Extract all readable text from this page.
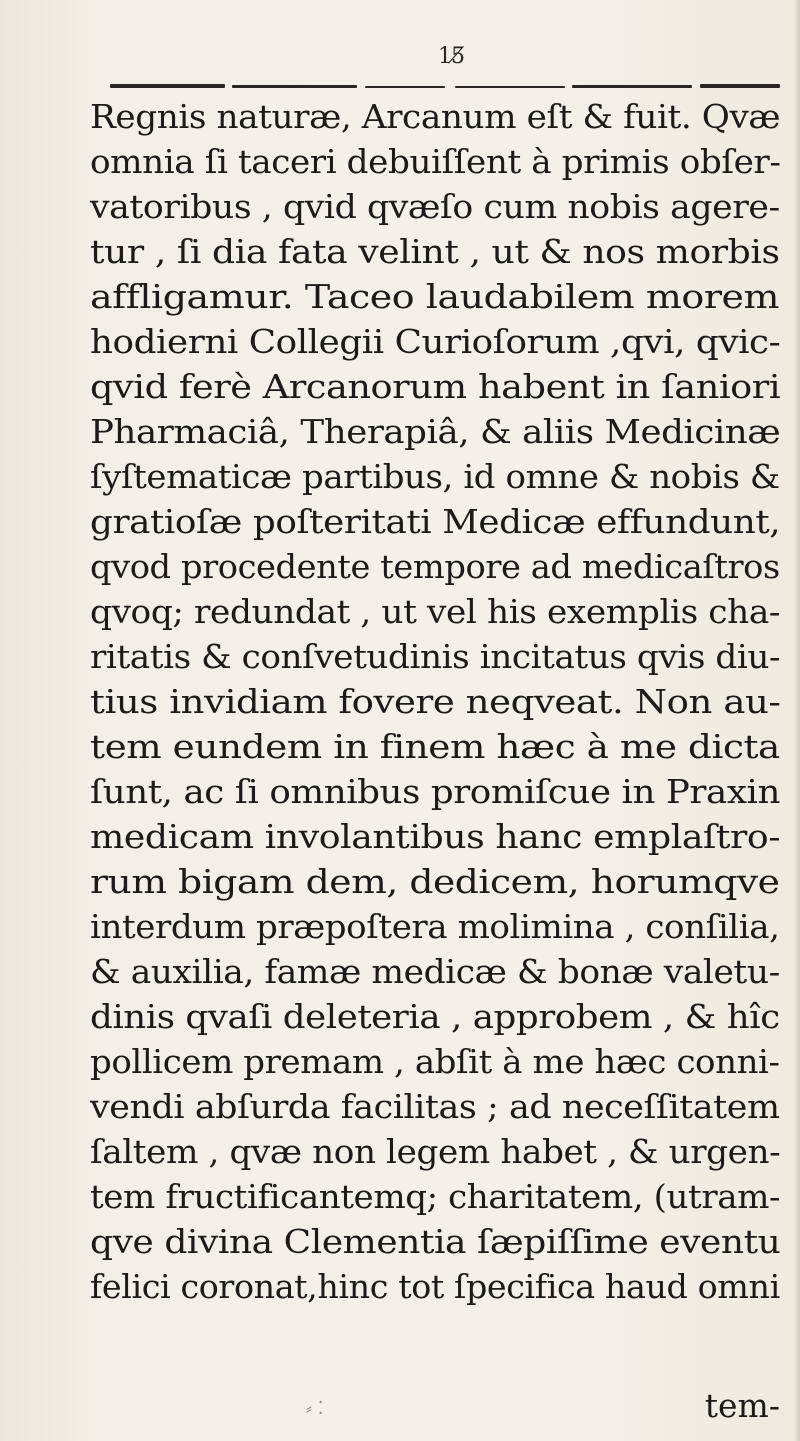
15̸
Regnis naturæ, Arcanum eſt & fuit. Qvæ
omnia ſi taceri debuiſſent à primis obſer-
vatoribus , qvid qvæſo cum nobis agere-
tur , ſi dia fata velint , ut & nos morbis
affligamur. Taceo laudabilem morem
hodierni Collegii Curioſorum ,qvi, qvic-
qvid ferè Arcanorum habent in ſaniori
Pharmaciâ, Therapiâ, & aliis Medicinæ
ſyſtematicæ partibus, id omne & nobis &
gratioſæ poſteritati Medicæ effundunt,
qvod procedente tempore ad medicaſtros
qvoq; redundat , ut vel his exemplis cha-
ritatis & conſvetudinis incitatus qvis diu-
tius invidiam fovere neqveat. Non au-
tem eundem in finem hæc à me dicta
ſunt, ac ſi omnibus promiſcue in Praxin
medicam involantibus hanc emplaſtro-
rum bigam dem, dedicem, horumqve
interdum præpoſtera molimina , conſilia,
& auxilia, famæ medicæ & bonæ valetu-
dinis qvaſi deleteria , approbem , & hîc
pollicem premam , abſit à me hæc conni-
vendi abſurda facilitas ; ad neceſſitatem
ſaltem , qvæ non legem habet , & urgen-
tem fructificantemq; charitatem, (utram-
qve divina Clementia ſæpiſſime eventu
felici coronat,hinc tot ſpecifica haud omni
⸗ ⁚	tem-
